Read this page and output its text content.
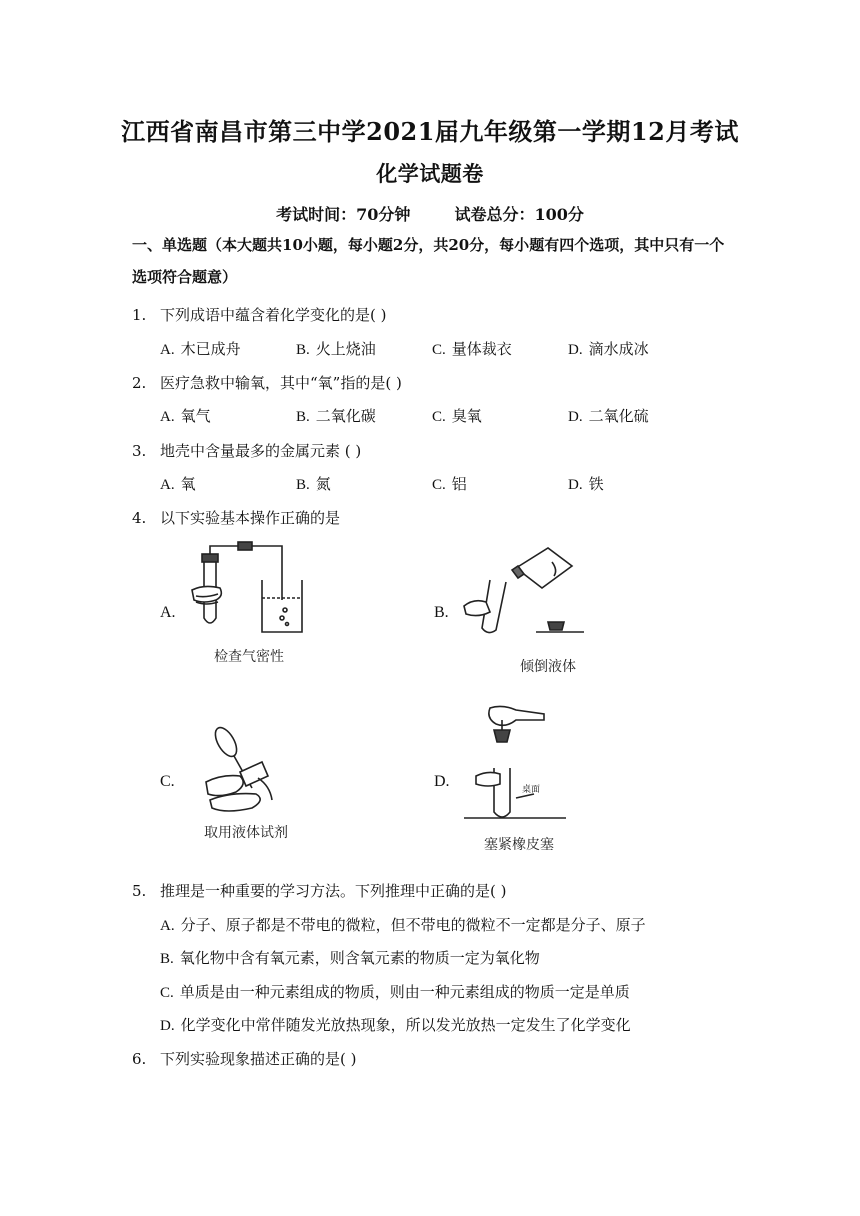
江西省南昌市第三中学2021届九年级第一学期12月考试
化学试题卷
考试时间：70分钟	试卷总分：100分
一、单选题（本大题共10小题，每小题2分，共20分，每小题有四个选项，其中只有一个
选项符合题意）
1. 下列成语中蕴含着化学变化的是( )
A. 木已成舟	B. 火上烧油	C. 量体裁衣	D. 滴水成冰
2. 医疗急救中输氧，其中“氧”指的是( )
A. 氧气	B. 二氧化碳	C. 臭氧	D. 二氧化硫
3. 地壳中含量最多的金属元素 ( )
A. 氧	B. 氮	C. 铝	D. 铁
4. 以下实验基本操作正确的是
A.
检查气密性
B.
倾倒液体
C.
取用液体试剂
D.	桌面
塞紧橡皮塞
5. 推理是一种重要的学习方法。下列推理中正确的是( )
A. 分子、原子都是不带电的微粒，但不带电的微粒不一定都是分子、原子
B. 氧化物中含有氧元素，则含氧元素的物质一定为氧化物
C. 单质是由一种元素组成的物质，则由一种元素组成的物质一定是单质
D. 化学变化中常伴随发光放热现象，所以发光放热一定发生了化学变化
6. 下列实验现象描述正确的是( )
